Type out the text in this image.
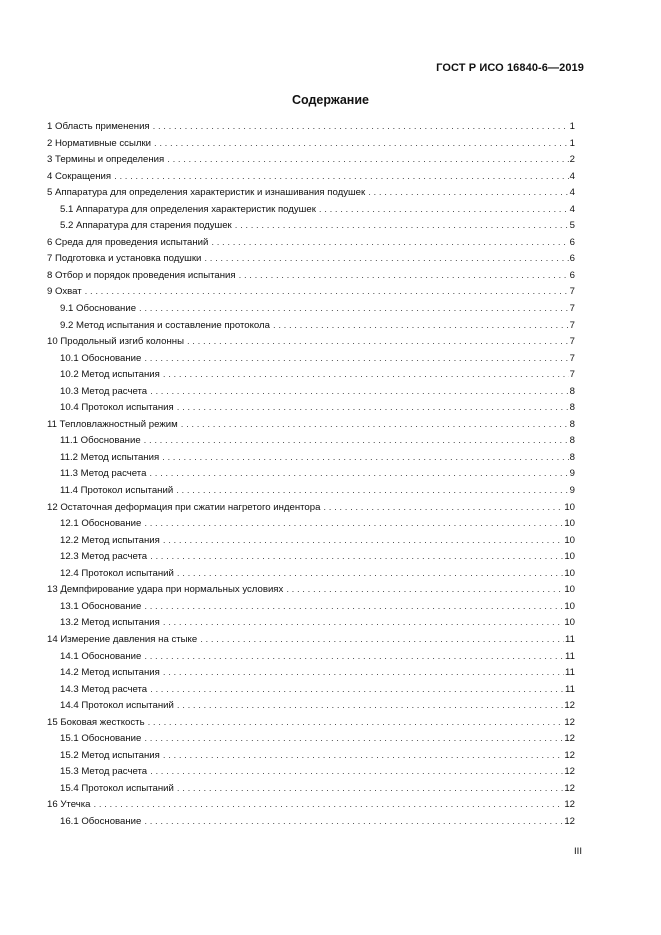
ГОСТ Р ИСО 16840-6—2019
Содержание
1 Область применения . . .	1
2 Нормативные ссылки . . .	1
3 Термины и определения . . .	2
4 Сокращения . . .	4
5 Аппаратура для определения характеристик и изнашивания подушек . . .	4
5.1 Аппаратура для определения характеристик подушек . . .	4
5.2 Аппаратура для старения подушек . . .	5
6 Среда для проведения испытаний . . .	6
7 Подготовка и установка подушки . . .	6
8 Отбор и порядок проведения испытания . . .	6
9 Охват . . .	7
9.1 Обоснование . . .	7
9.2 Метод испытания и составление протокола . . .	7
10 Продольный изгиб колонны . . .	7
10.1 Обоснование . . .	7
10.2 Метод испытания . . .	7
10.3 Метод расчета . . .	8
10.4 Протокол испытания . . .	8
11 Тепловлажностный режим . . .	8
11.1 Обоснование . . .	8
11.2 Метод испытания . . .	8
11.3 Метод расчета . . .	9
11.4 Протокол испытаний . . .	9
12 Остаточная деформация при сжатии нагретого индентора . . .	10
12.1 Обоснование . . .	10
12.2 Метод испытания . . .	10
12.3 Метод расчета . . .	10
12.4 Протокол испытаний . . .	10
13 Демпфирование удара при нормальных условиях . . .	10
13.1 Обоснование . . .	10
13.2 Метод испытания . . .	10
14 Измерение давления на стыке . . .	11
14.1 Обоснование . . .	11
14.2 Метод испытания . . .	11
14.3 Метод расчета . . .	11
14.4 Протокол испытаний . . .	12
15 Боковая жесткость . . .	12
15.1 Обоснование . . .	12
15.2 Метод испытания . . .	12
15.3 Метод расчета . . .	12
15.4 Протокол испытаний . . .	12
16 Утечка . . .	12
16.1 Обоснование . . .	12
III
